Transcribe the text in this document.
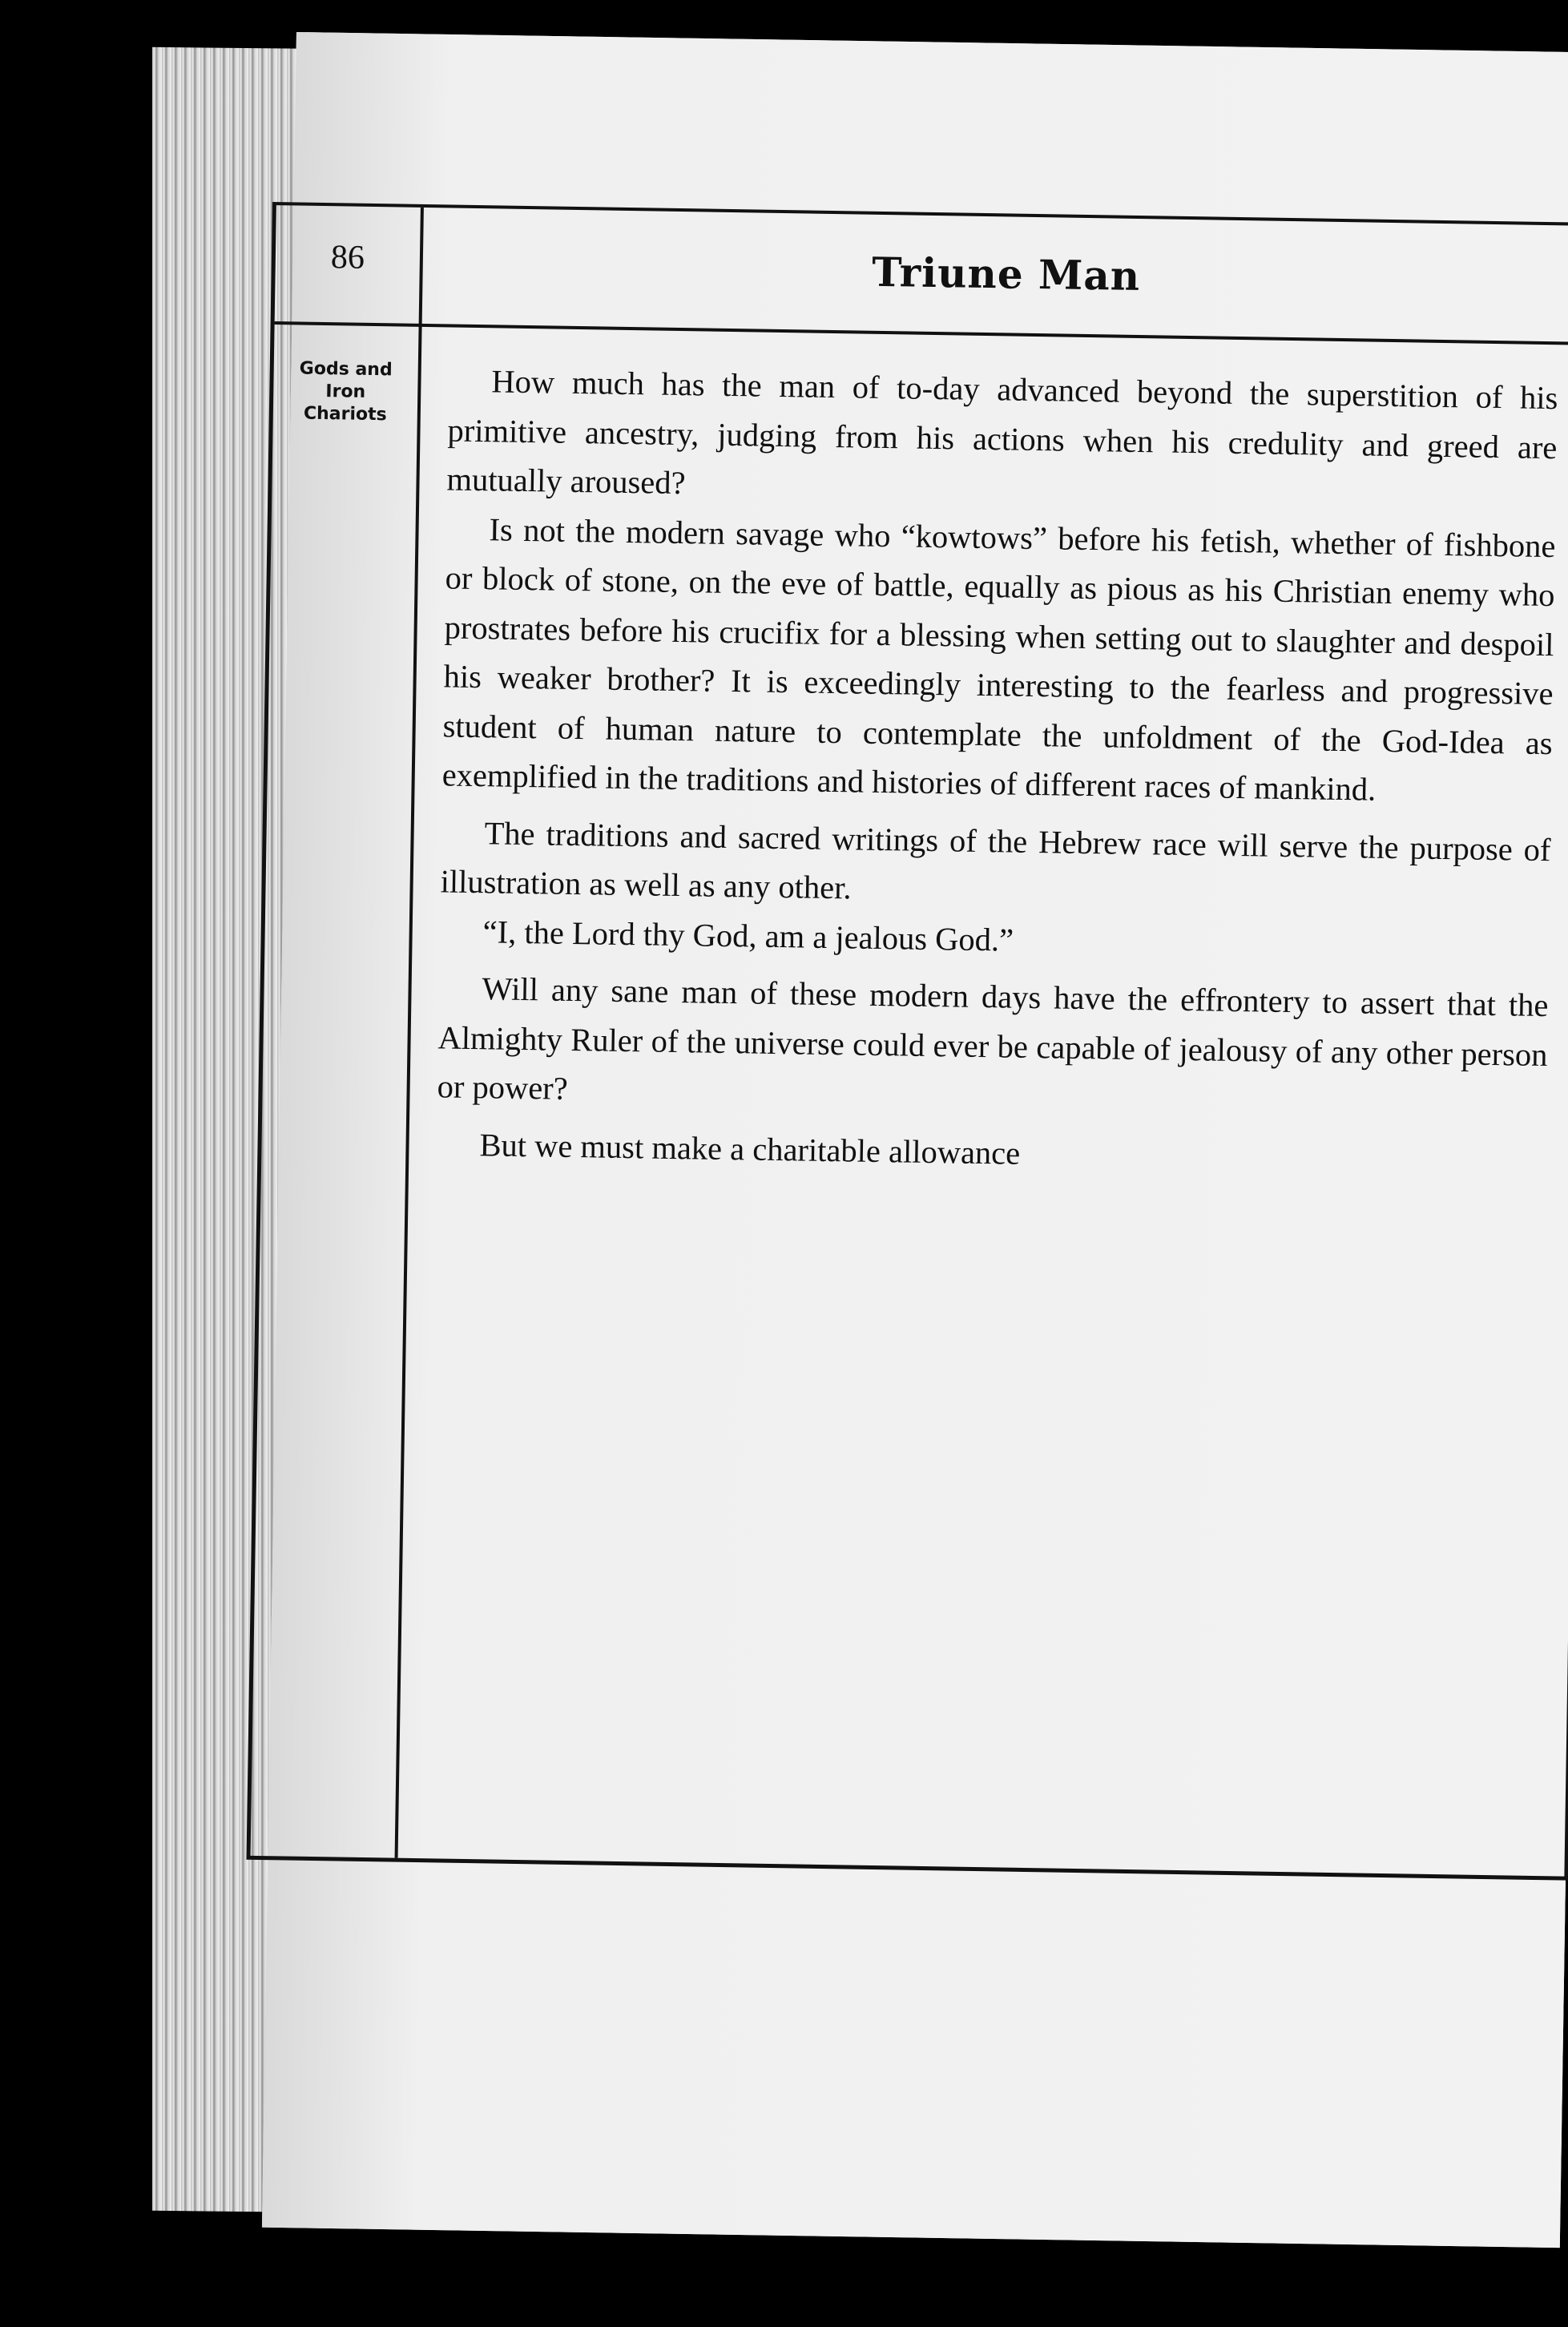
86	Triune Man
Gods and
Iron
Chariots	How much has the man of to-day advanced beyond the superstition of his primitive ancestry, judging from his actions when his credulity and greed are mutually aroused?

Is not the modern savage who “kowtows” before his fetish, whether of fishbone or block of stone, on the eve of battle, equally as pious as his Christian enemy who prostrates before his crucifix for a blessing when setting out to slaughter and despoil his weaker brother? It is exceedingly interesting to the fearless and progressive student of human nature to contemplate the unfoldment of the God-Idea as exemplified in the traditions and histories of different races of mankind.

The traditions and sacred writings of the Hebrew race will serve the purpose of illustration as well as any other.

“I, the Lord thy God, am a jealous God.”

Will any sane man of these modern days have the effrontery to assert that the Almighty Ruler of the universe could ever be capable of jealousy of any other person or power?

But we must make a charitable allowance
